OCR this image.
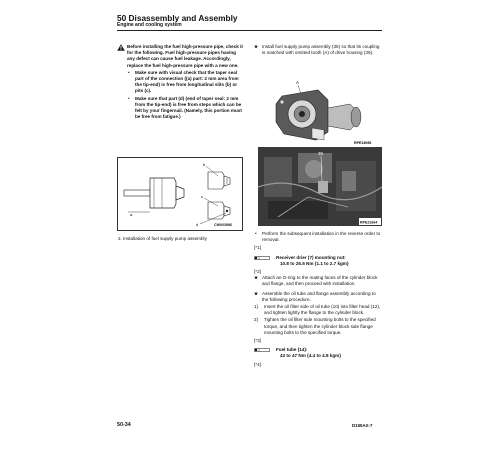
50 Disassembly and Assembly
Engine and cooling system
Before installing the fuel high-pressure pipe, check it for the following. Fuel high-pressure pipes having any defect can cause fuel leakage. Accordingly, replace the fuel high-pressure pipe with a new one.
• Make sure with visual check that the taper seal part of the connection ((a) part: 2 mm area from the tip-end) is free from longitudinal slits (b) or pits (c).
• Make sure that part (d) (end of taper seal: 2 mm from the tip-end) is free from steps which can be felt by your fingernail. (Namely, this portion must be free from fatigue.)
a
b
c
d	CW003986
2. Installation of fuel supply pump assembly
★ Install fuel supply pump assembly (35) so that its coupling is matched with omitted tooth (A) of drive housing (39).
A
RPE13096
35
RPE21664
• Perform the subsequent installation in the reverse order to removal.
[*1]
Receiver drier (7) mounting nut:
10.8 to 26.5 Nm {1.1 to 2.7 kgm}
[*2]
★ Attach an O-ring to the mating faces of the cylinder block and flange, and then proceed with installation.
★ Assemble the oil tube and flange assembly according to the following procedure.
1) Insert the oil filter side of oil tube (10) into filter head (12), and tighten lightly the flange to the cylinder block.
2) Tighten the oil filter side mounting bolts to the specified torque, and then tighten the cylinder block side flange mounting bolts to the specified torque.
[*3]
Fuel tube (14):
43 to 47 Nm {4.4 to 4.8 kgm}
[*4]
50-34	D155AX-7
